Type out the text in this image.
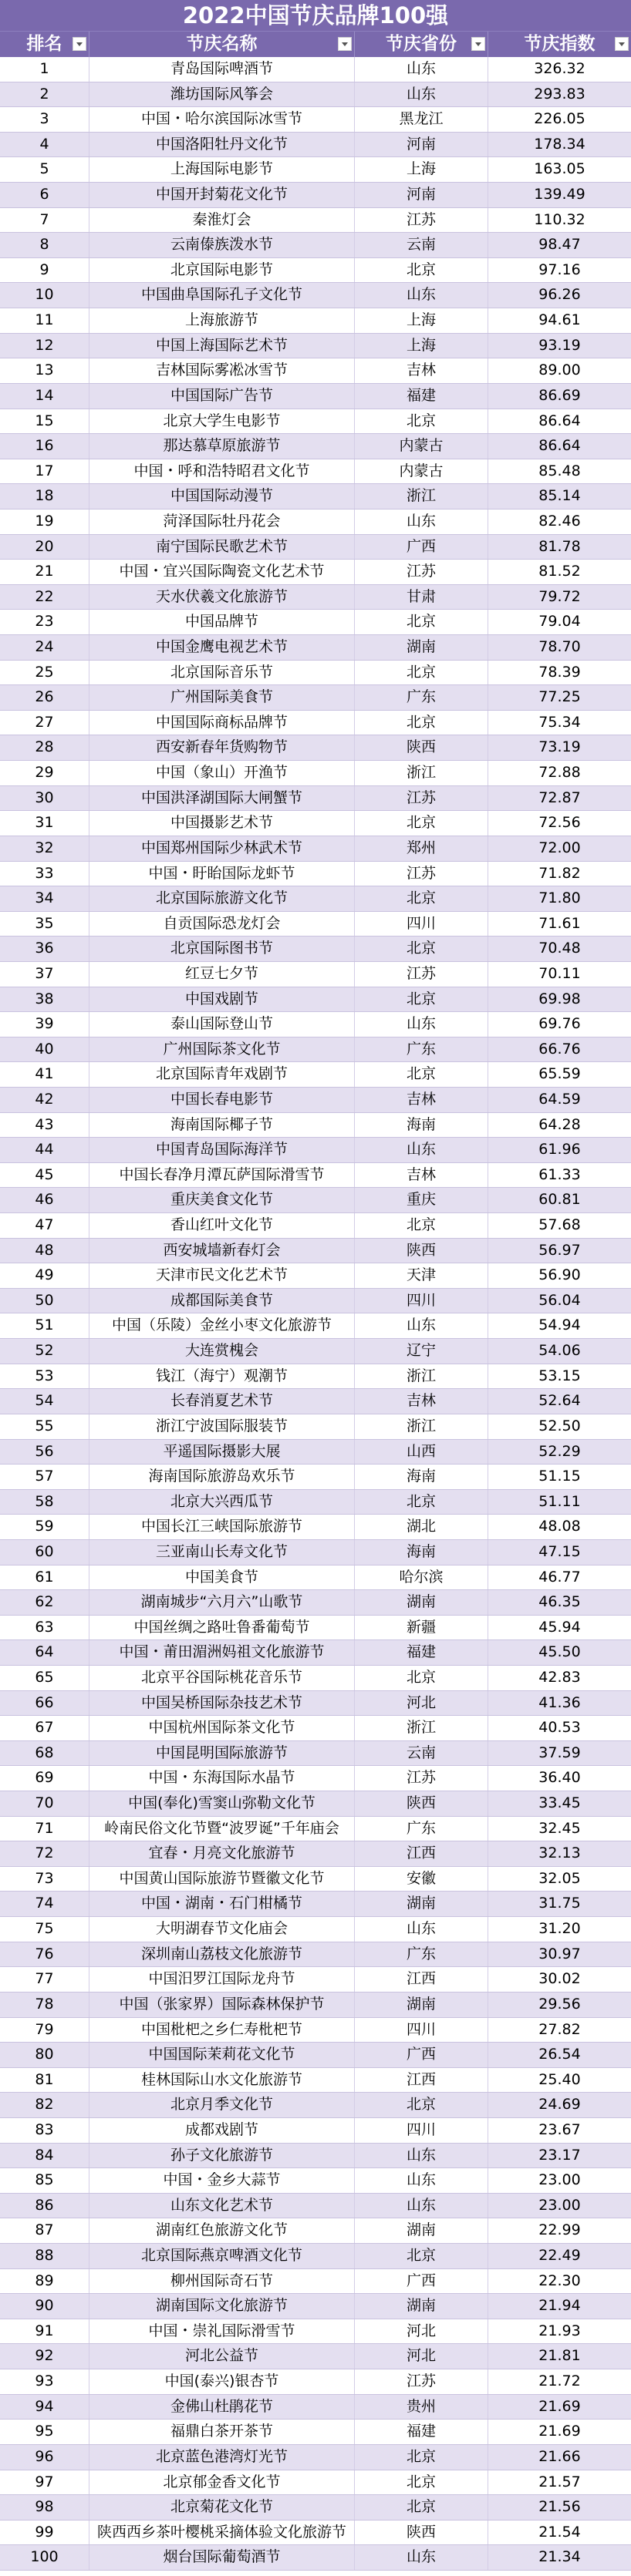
2022中国节庆品牌100强
排名	节庆名称	节庆省份	节庆指数
1	青岛国际啤酒节	山东	326.32
2	潍坊国际风筝会	山东	293.83
3	中国・哈尔滨国际冰雪节	黑龙江	226.05
4	中国洛阳牡丹文化节	河南	178.34
5	上海国际电影节	上海	163.05
6	中国开封菊花文化节	河南	139.49
7	秦淮灯会	江苏	110.32
8	云南傣族泼水节	云南	98.47
9	北京国际电影节	北京	97.16
10	中国曲阜国际孔子文化节	山东	96.26
11	上海旅游节	上海	94.61
12	中国上海国际艺术节	上海	93.19
13	吉林国际雾凇冰雪节	吉林	89.00
14	中国国际广告节	福建	86.69
15	北京大学生电影节	北京	86.64
16	那达慕草原旅游节	内蒙古	86.64
17	中国・呼和浩特昭君文化节	内蒙古	85.48
18	中国国际动漫节	浙江	85.14
19	菏泽国际牡丹花会	山东	82.46
20	南宁国际民歌艺术节	广西	81.78
21	中国・宜兴国际陶瓷文化艺术节	江苏	81.52
22	天水伏羲文化旅游节	甘肃	79.72
23	中国品牌节	北京	79.04
24	中国金鹰电视艺术节	湖南	78.70
25	北京国际音乐节	北京	78.39
26	广州国际美食节	广东	77.25
27	中国国际商标品牌节	北京	75.34
28	西安新春年货购物节	陕西	73.19
29	中国（象山）开渔节	浙江	72.88
30	中国洪泽湖国际大闸蟹节	江苏	72.87
31	中国摄影艺术节	北京	72.56
32	中国郑州国际少林武术节	郑州	72.00
33	中国・盱眙国际龙虾节	江苏	71.82
34	北京国际旅游文化节	北京	71.80
35	自贡国际恐龙灯会	四川	71.61
36	北京国际图书节	北京	70.48
37	红豆七夕节	江苏	70.11
38	中国戏剧节	北京	69.98
39	泰山国际登山节	山东	69.76
40	广州国际茶文化节	广东	66.76
41	北京国际青年戏剧节	北京	65.59
42	中国长春电影节	吉林	64.59
43	海南国际椰子节	海南	64.28
44	中国青岛国际海洋节	山东	61.96
45	中国长春净月潭瓦萨国际滑雪节	吉林	61.33
46	重庆美食文化节	重庆	60.81
47	香山红叶文化节	北京	57.68
48	西安城墙新春灯会	陕西	56.97
49	天津市民文化艺术节	天津	56.90
50	成都国际美食节	四川	56.04
51	中国（乐陵）金丝小枣文化旅游节	山东	54.94
52	大连赏槐会	辽宁	54.06
53	钱江（海宁）观潮节	浙江	53.15
54	长春消夏艺术节	吉林	52.64
55	浙江宁波国际服装节	浙江	52.50
56	平遥国际摄影大展	山西	52.29
57	海南国际旅游岛欢乐节	海南	51.15
58	北京大兴西瓜节	北京	51.11
59	中国长江三峡国际旅游节	湖北	48.08
60	三亚南山长寿文化节	海南	47.15
61	中国美食节	哈尔滨	46.77
62	湖南城步“六月六”山歌节	湖南	46.35
63	中国丝绸之路吐鲁番葡萄节	新疆	45.94
64	中国・莆田湄洲妈祖文化旅游节	福建	45.50
65	北京平谷国际桃花音乐节	北京	42.83
66	中国吴桥国际杂技艺术节	河北	41.36
67	中国杭州国际茶文化节	浙江	40.53
68	中国昆明国际旅游节	云南	37.59
69	中国・东海国际水晶节	江苏	36.40
70	中国(奉化)雪窦山弥勒文化节	陕西	33.45
71	岭南民俗文化节暨“波罗诞”千年庙会	广东	32.45
72	宜春・月亮文化旅游节	江西	32.13
73	中国黄山国际旅游节暨徽文化节	安徽	32.05
74	中国・湖南・石门柑橘节	湖南	31.75
75	大明湖春节文化庙会	山东	31.20
76	深圳南山荔枝文化旅游节	广东	30.97
77	中国汨罗江国际龙舟节	江西	30.02
78	中国（张家界）国际森林保护节	湖南	29.56
79	中国枇杷之乡仁寿枇杷节	四川	27.82
80	中国国际茉莉花文化节	广西	26.54
81	桂林国际山水文化旅游节	江西	25.40
82	北京月季文化节	北京	24.69
83	成都戏剧节	四川	23.67
84	孙子文化旅游节	山东	23.17
85	中国・金乡大蒜节	山东	23.00
86	山东文化艺术节	山东	23.00
87	湖南红色旅游文化节	湖南	22.99
88	北京国际燕京啤酒文化节	北京	22.49
89	柳州国际奇石节	广西	22.30
90	湖南国际文化旅游节	湖南	21.94
91	中国・崇礼国际滑雪节	河北	21.93
92	河北公益节	河北	21.81
93	中国(泰兴)银杏节	江苏	21.72
94	金佛山杜鹃花节	贵州	21.69
95	福鼎白茶开茶节	福建	21.69
96	北京蓝色港湾灯光节	北京	21.66
97	北京郁金香文化节	北京	21.57
98	北京菊花文化节	北京	21.56
99	陕西西乡茶叶樱桃采摘体验文化旅游节	陕西	21.54
100	烟台国际葡萄酒节	山东	21.34
